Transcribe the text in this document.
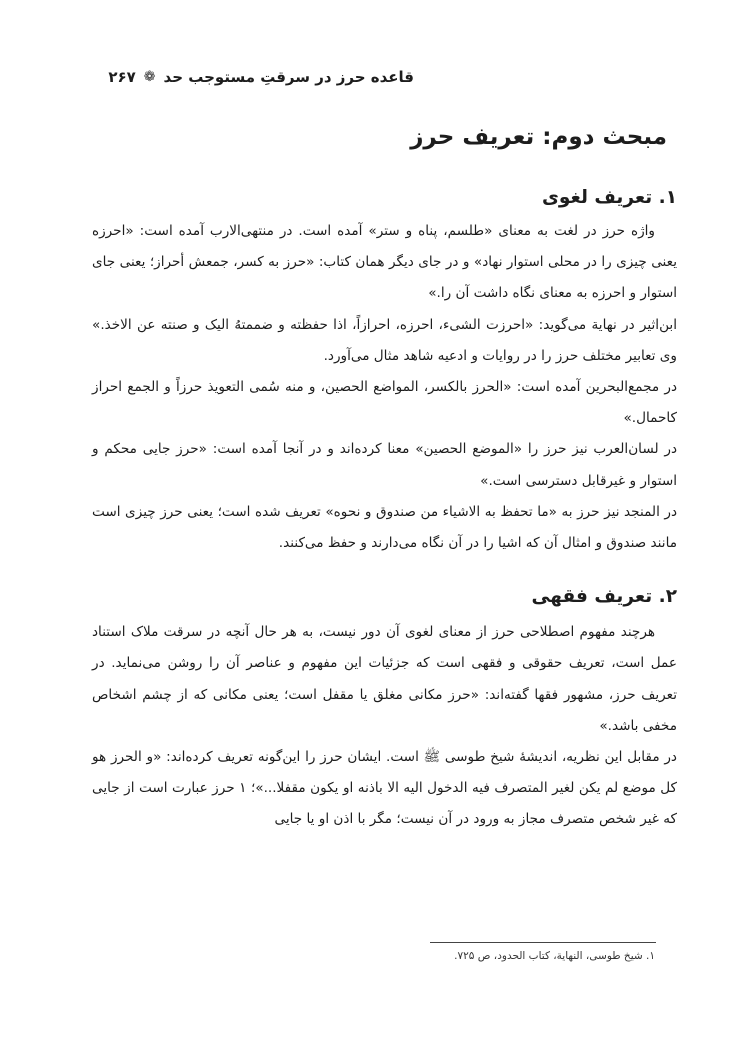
قاعده حرز در سرقتِ مستوجب حد
❁
۲۶۷
مبحث دوم: تعریف حرز
۱. تعریف لغوی

واژه حرز در لغت به معنای «طلسم، پناه و ستر» آمده است. در منتهی‌الارب آمده است: «احرزه یعنی چیزی را در محلی استوار نهاد» و در جای دیگر همان کتاب: «حرز به کسر، جمعش أحراز؛ یعنی جای استوار و احرزه به معنای نگاه داشت آن را.»

ابن‌اثیر در نهایة می‌گوید: «احرزت الشیء، احرزه، احرازاً، اذا حفظته و ضممتهُ الیک و صنته عن الاخذ.» وی تعابیر مختلف حرز را در روایات و ادعیه شاهد مثال می‌آورد.

در مجمع‌البحرین آمده است: «الحرز بالکسر، المواضع الحصین، و منه سُمی التعویذ حرزاً و الجمع احراز کاحمال.»

در لسان‌العرب نیز حرز را «الموضع الحصین» معنا کرده‌اند و در آنجا آمده است: «حرز جایی محکم و استوار و غیرقابل دسترسی است.»

در المنجد نیز حرز به «ما تحفظ به الاشیاء من صندوق و نحوه» تعریف شده است؛ یعنی حرز چیزی است مانند صندوق و امثال آن که اشیا را در آن نگاه می‌دارند و حفظ می‌کنند.

۲. تعریف فقهی

هرچند مفهوم اصطلاحی حرز از معنای لغوی آن دور نیست، به هر حال آنچه در سرقت ملاک استناد عمل است، تعریف حقوقی و فقهی است که جزئیات این مفهوم و عناصر آن را روشن می‌نماید. در تعریف حرز، مشهور فقها گفته‌اند: «حرز مکانی مغلق یا مقفل است؛ یعنی مکانی که از چشم اشخاص مخفی باشد.»

در مقابل این نظریه، اندیشهٔ شیخ طوسی ﷺ است. ایشان حرز را این‌گونه تعریف کرده‌اند: «و الحرز هو کل موضع لم یکن لغیر المتصرف فیه الدخول الیه الا باذنه او یکون مقفلا...»؛ ۱ حرز عبارت است از جایی که غیر شخص متصرف مجاز به ورود در آن نیست؛ مگر با اذن او یا جایی

۱. شیخ طوسی، النهایة، کتاب الحدود، ص ۷۲۵.
